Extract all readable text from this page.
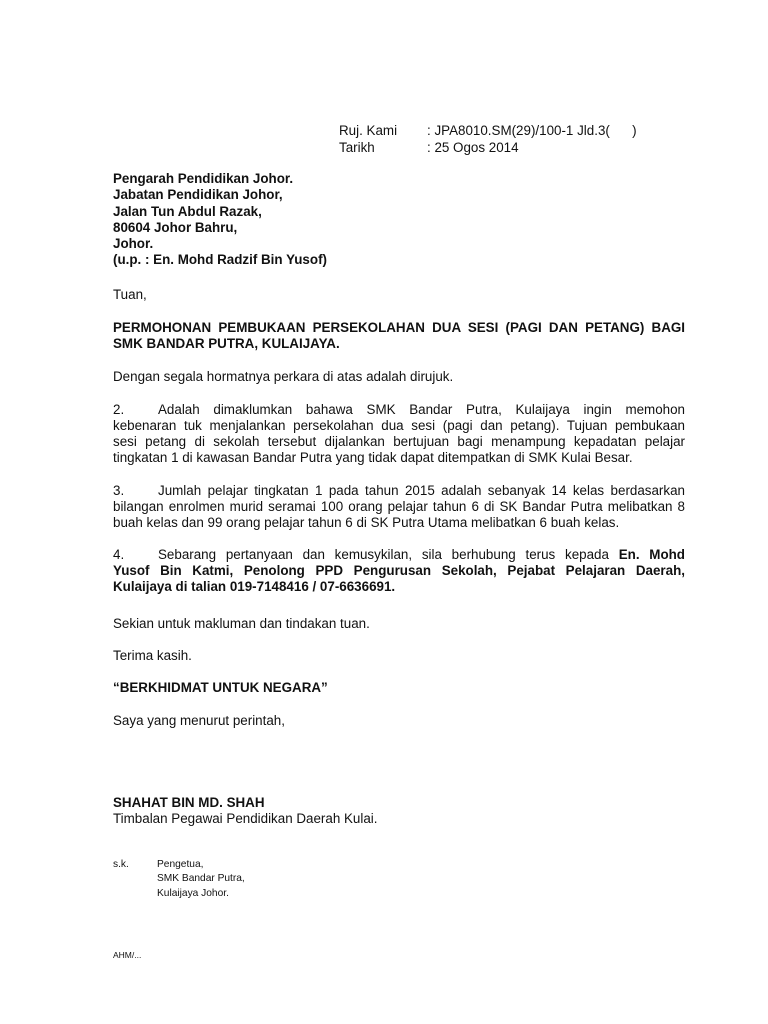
Ruj. Kami : JPA8010.SM(29)/100-1 Jld.3(      )
Tarikh	: 25 Ogos 2014
Pengarah Pendidikan Johor.
Jabatan Pendidikan Johor,
Jalan Tun Abdul Razak,
80604 Johor Bahru,
Johor.
(u.p. : En. Mohd Radzif Bin Yusof)
Tuan,
PERMOHONAN PEMBUKAAN PERSEKOLAHAN DUA SESI (PAGI DAN PETANG) BAGI
SMK BANDAR PUTRA, KULAIJAYA.
Dengan segala hormatnya perkara di atas adalah dirujuk.
2.	Adalah dimaklumkan bahawa SMK Bandar Putra, Kulaijaya ingin memohon
kebenaran tuk menjalankan persekolahan dua sesi (pagi dan petang). Tujuan pembukaan
sesi petang di sekolah tersebut dijalankan bertujuan bagi menampung kepadatan pelajar
tingkatan 1 di kawasan Bandar Putra yang tidak dapat ditempatkan di SMK Kulai Besar.
3.	Jumlah pelajar tingkatan 1 pada tahun 2015 adalah sebanyak 14 kelas berdasarkan
bilangan enrolmen murid seramai 100 orang pelajar tahun 6 di SK Bandar Putra melibatkan 8
buah kelas dan 99 orang pelajar tahun 6 di SK Putra Utama melibatkan 6 buah kelas.
4.	Sebarang pertanyaan dan kemusykilan, sila berhubung terus kepada En. Mohd
Yusof Bin Katmi, Penolong PPD Pengurusan Sekolah, Pejabat Pelajaran Daerah,
Kulaijaya di talian 019-7148416 / 07-6636691.
Sekian untuk makluman dan tindakan tuan.
Terima kasih.
“BERKHIDMAT UNTUK NEGARA”
Saya yang menurut perintah,
SHAHAT BIN MD. SHAH
Timbalan Pegawai Pendidikan Daerah Kulai.
s.k.	Pengetua,
SMK Bandar Putra,
Kulaijaya Johor.
AHM/...
